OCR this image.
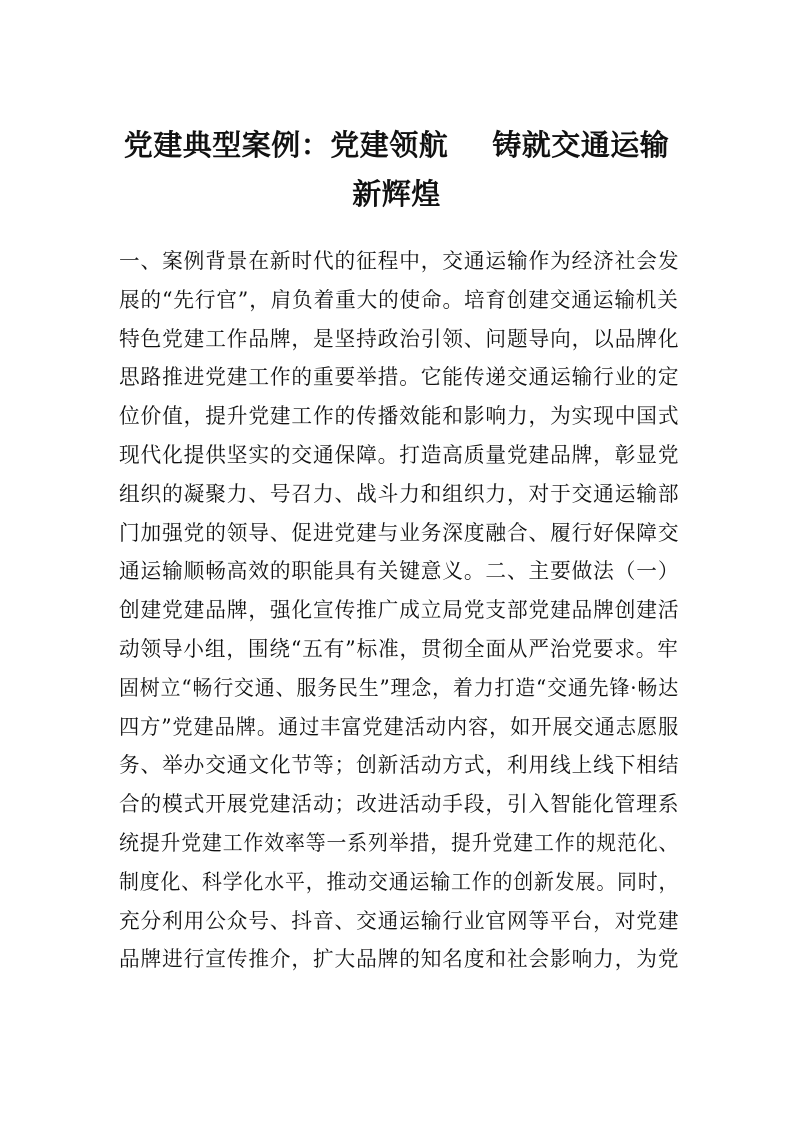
党建典型案例：党建领航 铸就交通运输
新辉煌
一、案例背景在新时代的征程中，交通运输作为经济社会发
展的“先行官”，肩负着重大的使命。培育创建交通运输机关
特色党建工作品牌，是坚持政治引领、问题导向，以品牌化
思路推进党建工作的重要举措。它能传递交通运输行业的定
位价值，提升党建工作的传播效能和影响力，为实现中国式
现代化提供坚实的交通保障。打造高质量党建品牌，彰显党
组织的凝聚力、号召力、战斗力和组织力，对于交通运输部
门加强党的领导、促进党建与业务深度融合、履行好保障交
通运输顺畅高效的职能具有关键意义。二、主要做法（一）
创建党建品牌，强化宣传推广成立局党支部党建品牌创建活
动领导小组，围绕“五有”标准，贯彻全面从严治党要求。牢
固树立“畅行交通、服务民生”理念，着力打造“交通先锋·畅达
四方”党建品牌。通过丰富党建活动内容，如开展交通志愿服
务、举办交通文化节等；创新活动方式，利用线上线下相结
合的模式开展党建活动；改进活动手段，引入智能化管理系
统提升党建工作效率等一系列举措，提升党建工作的规范化、
制度化、科学化水平，推动交通运输工作的创新发展。同时，
充分利用公众号、抖音、交通运输行业官网等平台，对党建
品牌进行宣传推介，扩大品牌的知名度和社会影响力，为党
